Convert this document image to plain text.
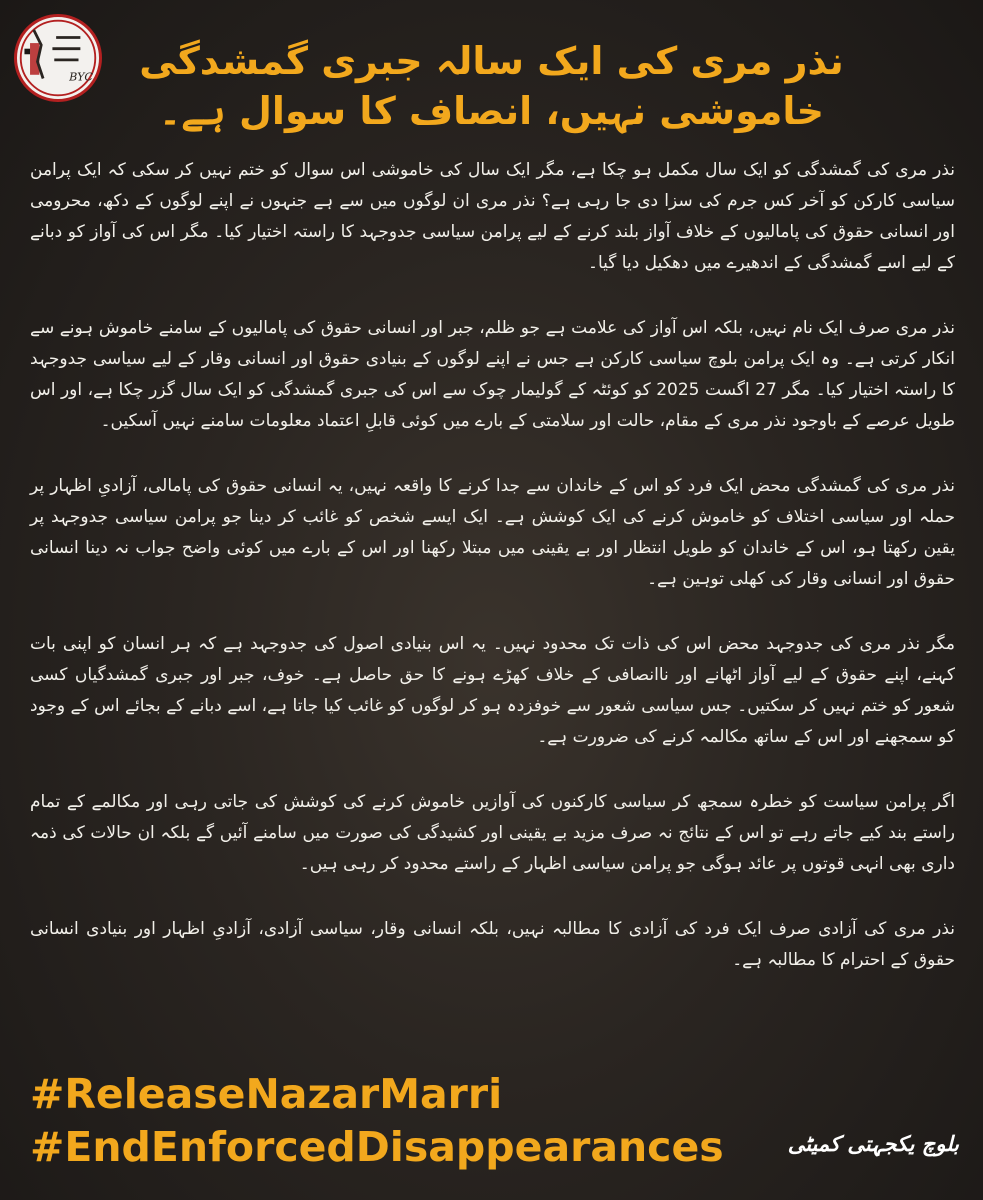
BYC	نذر مری کی ایک سالہ جبری گمشدگی
خاموشی نہیں، انصاف کا سوال ہے۔

نذر مری کی گمشدگی کو ایک سال مکمل ہو چکا ہے، مگر ایک سال کی خاموشی اس سوال کو ختم نہیں کر سکی کہ ایک پرامن سیاسی کارکن کو آخر کس جرم کی سزا دی جا رہی ہے؟ نذر مری ان لوگوں میں سے ہے جنہوں نے اپنے لوگوں کے دکھ، محرومی اور انسانی حقوق کی پامالیوں کے خلاف آواز بلند کرنے کے لیے پرامن سیاسی جدوجہد کا راستہ اختیار کیا۔ مگر اس کی آواز کو دبانے کے لیے اسے گمشدگی کے اندھیرے میں دھکیل دیا گیا۔

نذر مری صرف ایک نام نہیں، بلکہ اس آواز کی علامت ہے جو ظلم، جبر اور انسانی حقوق کی پامالیوں کے سامنے خاموش ہونے سے انکار کرتی ہے۔ وہ ایک پرامن بلوچ سیاسی کارکن ہے جس نے اپنے لوگوں کے بنیادی حقوق اور انسانی وقار کے لیے سیاسی جدوجہد کا راستہ اختیار کیا۔ مگر 27 اگست 2025 کو کوئٹہ کے گولیمار چوک سے اس کی جبری گمشدگی کو ایک سال گزر چکا ہے، اور اس طویل عرصے کے باوجود نذر مری کے مقام، حالت اور سلامتی کے بارے میں کوئی قابلِ اعتماد معلومات سامنے نہیں آسکیں۔

نذر مری کی گمشدگی محض ایک فرد کو اس کے خاندان سے جدا کرنے کا واقعہ نہیں، یہ انسانی حقوق کی پامالی، آزادیِ اظہار پر حملہ اور سیاسی اختلاف کو خاموش کرنے کی ایک کوشش ہے۔ ایک ایسے شخص کو غائب کر دینا جو پرامن سیاسی جدوجہد پر یقین رکھتا ہو، اس کے خاندان کو طویل انتظار اور بے یقینی میں مبتلا رکھنا اور اس کے بارے میں کوئی واضح جواب نہ دینا انسانی حقوق اور انسانی وقار کی کھلی توہین ہے۔

مگر نذر مری کی جدوجہد محض اس کی ذات تک محدود نہیں۔ یہ اس بنیادی اصول کی جدوجہد ہے کہ ہر انسان کو اپنی بات کہنے، اپنے حقوق کے لیے آواز اٹھانے اور ناانصافی کے خلاف کھڑے ہونے کا حق حاصل ہے۔ خوف، جبر اور جبری گمشدگیاں کسی شعور کو ختم نہیں کر سکتیں۔ جس سیاسی شعور سے خوفزدہ ہو کر لوگوں کو غائب کیا جاتا ہے، اسے دبانے کے بجائے اس کے وجود کو سمجھنے اور اس کے ساتھ مکالمہ کرنے کی ضرورت ہے۔

اگر پرامن سیاست کو خطرہ سمجھ کر سیاسی کارکنوں کی آوازیں خاموش کرنے کی کوشش کی جاتی رہی اور مکالمے کے تمام راستے بند کیے جاتے رہے تو اس کے نتائج نہ صرف مزید بے یقینی اور کشیدگی کی صورت میں سامنے آئیں گے بلکہ ان حالات کی ذمہ داری بھی انہی قوتوں پر عائد ہوگی جو پرامن سیاسی اظہار کے راستے محدود کر رہی ہیں۔

نذر مری کی آزادی صرف ایک فرد کی آزادی کا مطالبہ نہیں، بلکہ انسانی وقار، سیاسی آزادی، آزادیِ اظہار اور بنیادی انسانی حقوق کے احترام کا مطالبہ ہے۔

#ReleaseNazarMarri
#EndEnforcedDisappearances	بلوچ یکجہتی کمیٹی
